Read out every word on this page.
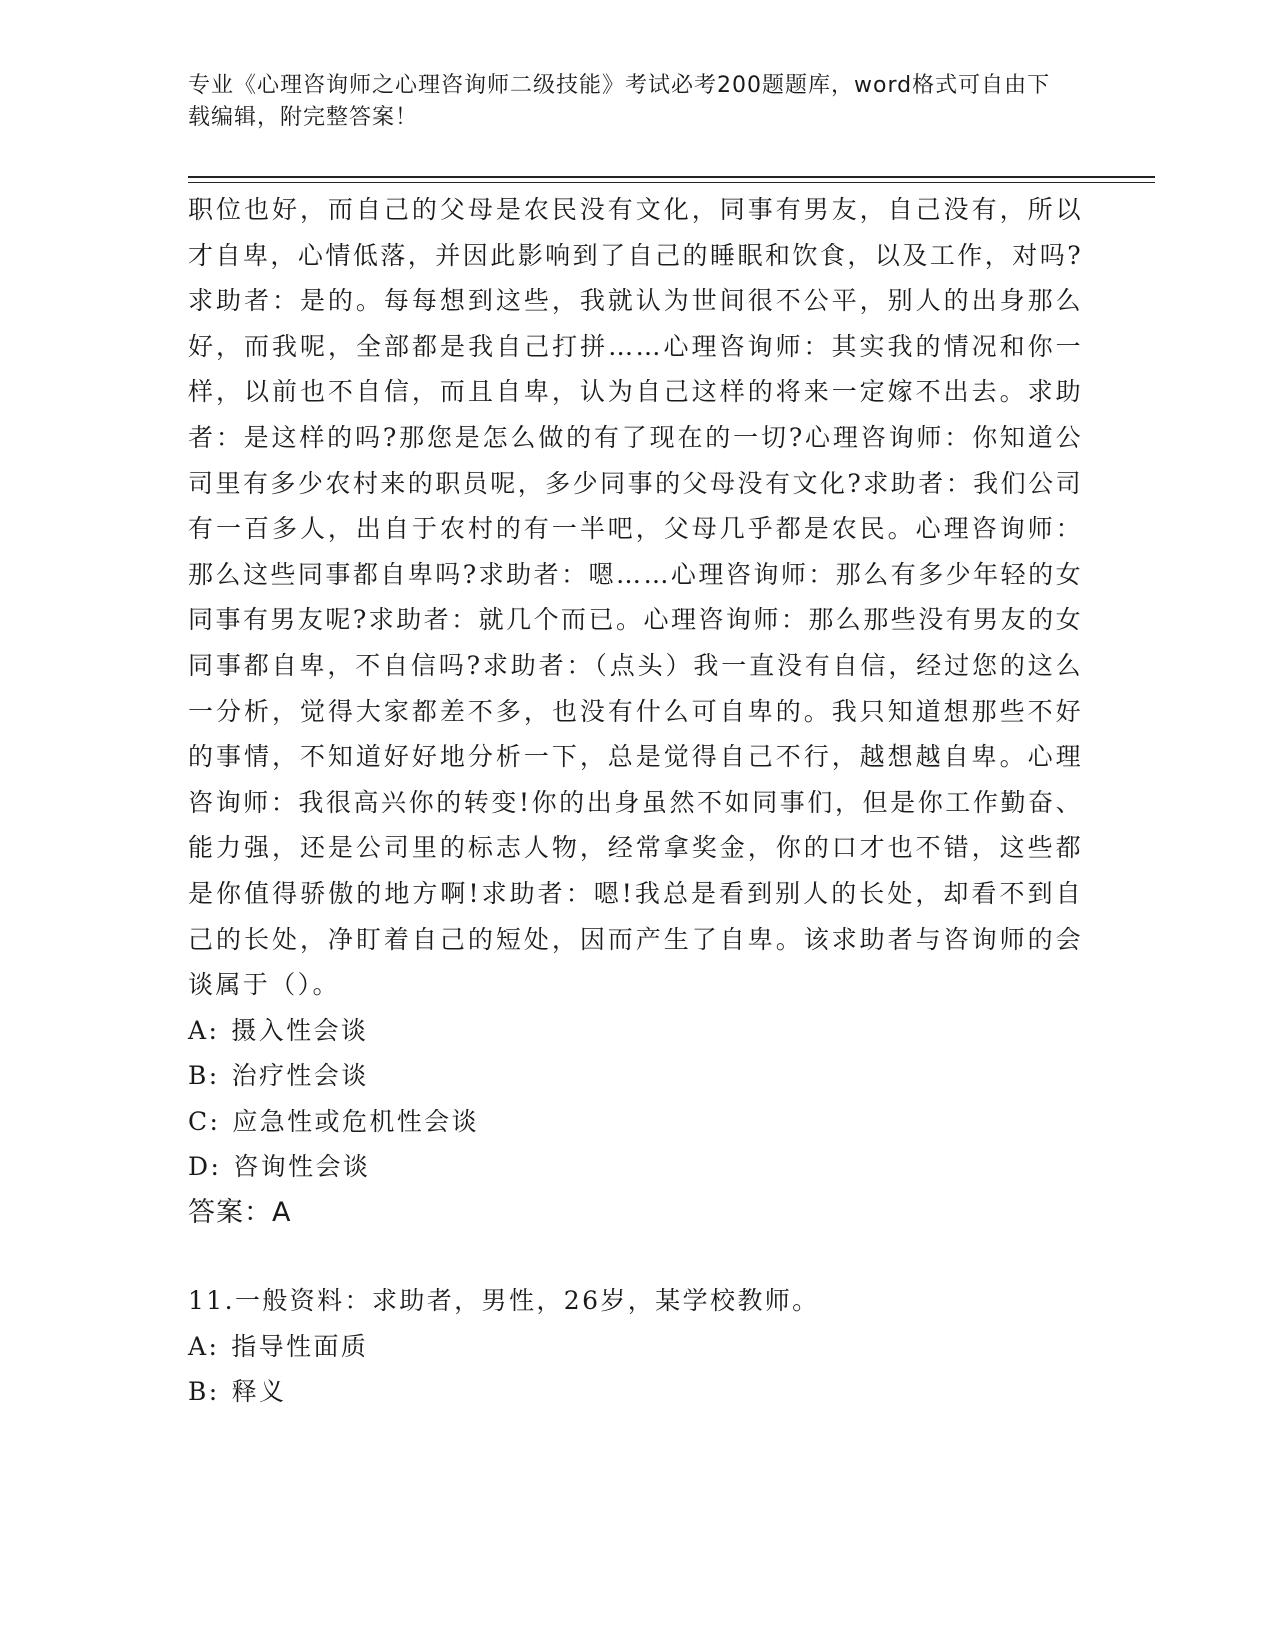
专业《心理咨询师之心理咨询师二级技能》考试必考200题题库，word格式可自由下载编辑，附完整答案！

职位也好，而自己的父母是农民没有文化，同事有男友，自己没有，所以才自卑，心情低落，并因此影响到了自己的睡眠和饮食，以及工作，对吗?求助者：是的。每每想到这些，我就认为世间很不公平，别人的出身那么好，而我呢，全部都是我自己打拼……心理咨询师：其实我的情况和你一样，以前也不自信，而且自卑，认为自己这样的将来一定嫁不出去。求助者：是这样的吗?那您是怎么做的有了现在的一切?心理咨询师：你知道公司里有多少农村来的职员呢，多少同事的父母没有文化?求助者：我们公司有一百多人，出自于农村的有一半吧，父母几乎都是农民。心理咨询师：那么这些同事都自卑吗?求助者：嗯……心理咨询师：那么有多少年轻的女同事有男友呢?求助者：就几个而已。心理咨询师：那么那些没有男友的女同事都自卑，不自信吗?求助者：（点头）我一直没有自信，经过您的这么一分析，觉得大家都差不多，也没有什么可自卑的。我只知道想那些不好的事情，不知道好好地分析一下，总是觉得自己不行，越想越自卑。心理咨询师：我很高兴你的转变!你的出身虽然不如同事们，但是你工作勤奋、能力强，还是公司里的标志人物，经常拿奖金，你的口才也不错，这些都是你值得骄傲的地方啊!求助者：嗯!我总是看到别人的长处，却看不到自己的长处，净盯着自己的短处，因而产生了自卑。该求助者与咨询师的会谈属于（）。

A: 摄入性会谈

B: 治疗性会谈

C: 应急性或危机性会谈

D: 咨询性会谈

答案：A

11.一般资料：求助者，男性，26岁，某学校教师。

A: 指导性面质

B: 释义
